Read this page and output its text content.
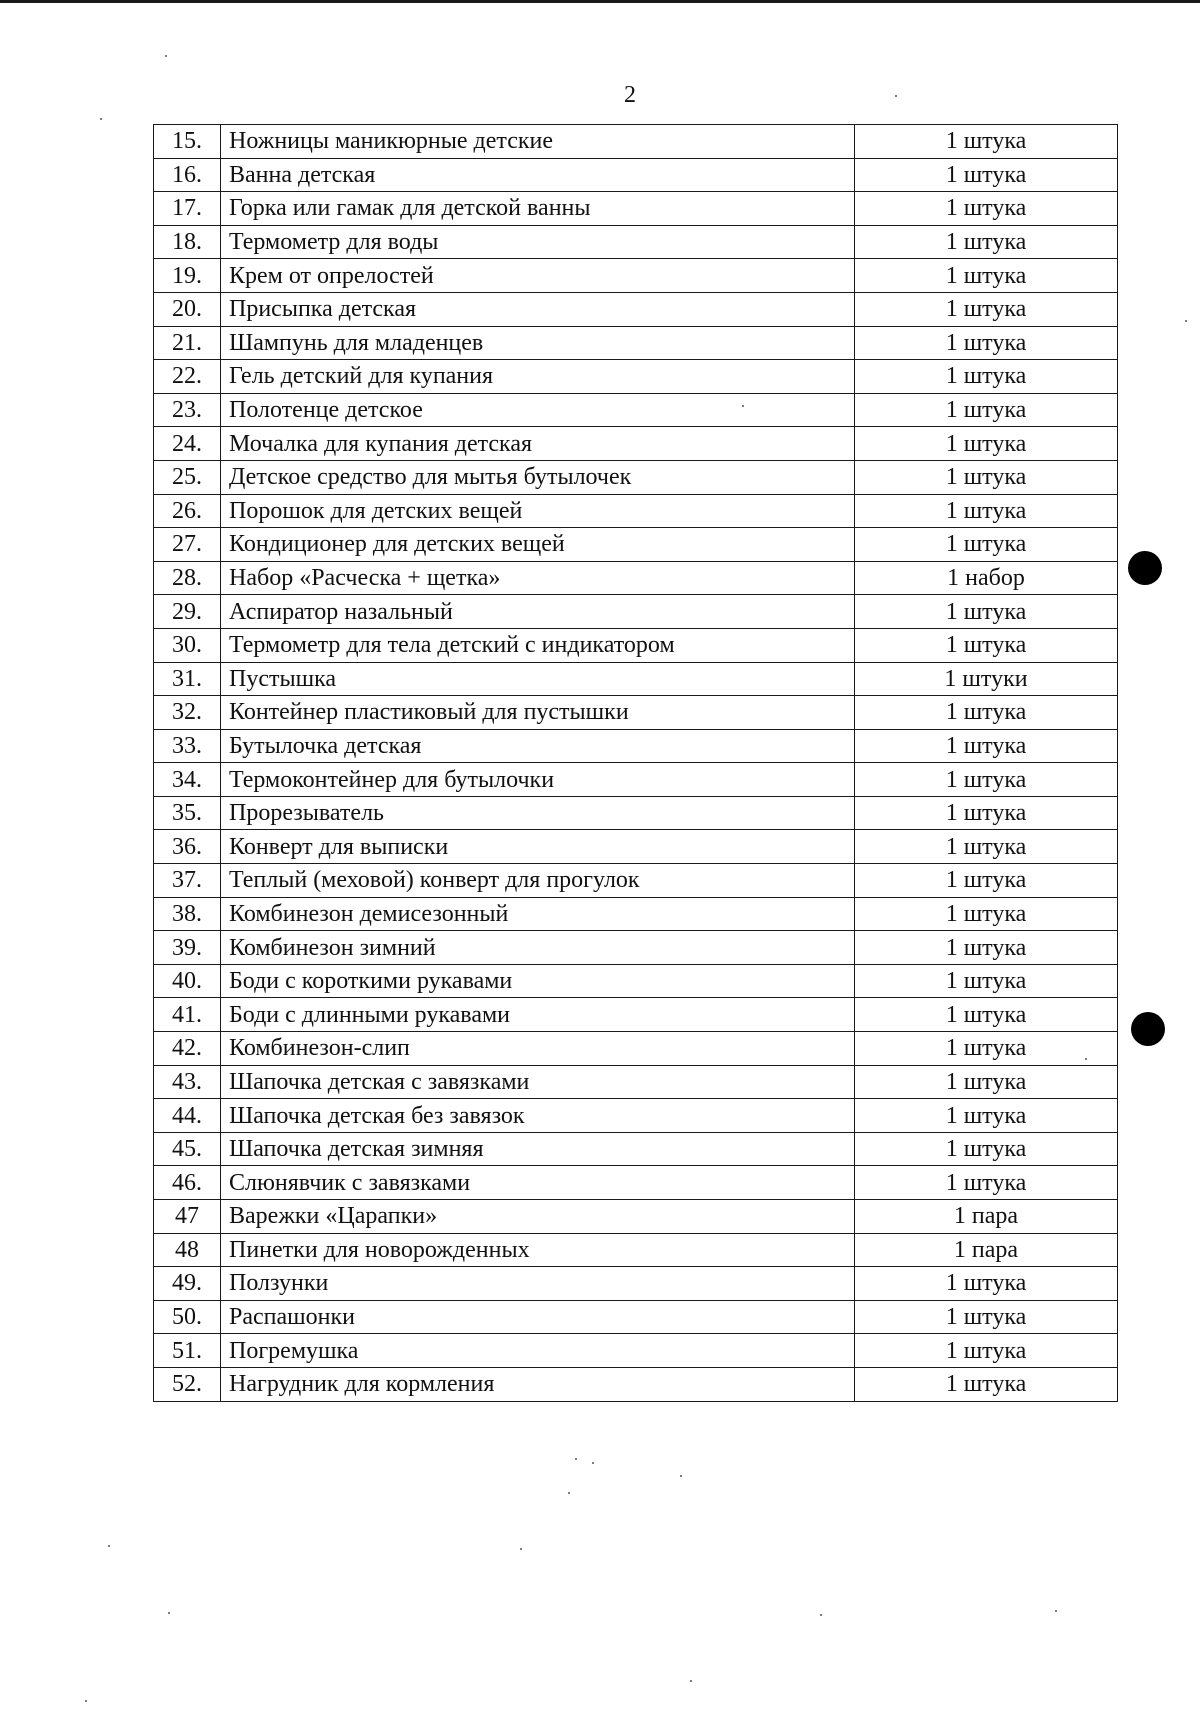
2
15.	Ножницы маникюрные детские	1 штука
16.	Ванна детская	1 штука
17.	Горка или гамак для детской ванны	1 штука
18.	Термометр для воды	1 штука
19.	Крем от опрелостей	1 штука
20.	Присыпка детская	1 штука
21.	Шампунь для младенцев	1 штука
22.	Гель детский для купания	1 штука
23.	Полотенце детское	1 штука
24.	Мочалка для купания детская	1 штука
25.	Детское средство для мытья бутылочек	1 штука
26.	Порошок для детских вещей	1 штука
27.	Кондиционер для детских вещей	1 штука
28.	Набор «Расческа + щетка»	1 набор
29.	Аспиратор назальный	1 штука
30.	Термометр для тела детский с индикатором	1 штука
31.	Пустышка	1 штуки
32.	Контейнер пластиковый для пустышки	1 штука
33.	Бутылочка детская	1 штука
34.	Термоконтейнер для бутылочки	1 штука
35.	Прорезыватель	1 штука
36.	Конверт для выписки	1 штука
37.	Теплый (меховой) конверт для прогулок	1 штука
38.	Комбинезон демисезонный	1 штука
39.	Комбинезон зимний	1 штука
40.	Боди с короткими рукавами	1 штука
41.	Боди с длинными рукавами	1 штука
42.	Комбинезон-слип	1 штука
43.	Шапочка детская с завязками	1 штука
44.	Шапочка детская без завязок	1 штука
45.	Шапочка детская зимняя	1 штука
46.	Слюнявчик с завязками	1 штука
47	Варежки «Царапки»	1 пара
48	Пинетки для новорожденных	1 пара
49.	Ползунки	1 штука
50.	Распашонки	1 штука
51.	Погремушка	1 штука
52.	Нагрудник для кормления	1 штука
